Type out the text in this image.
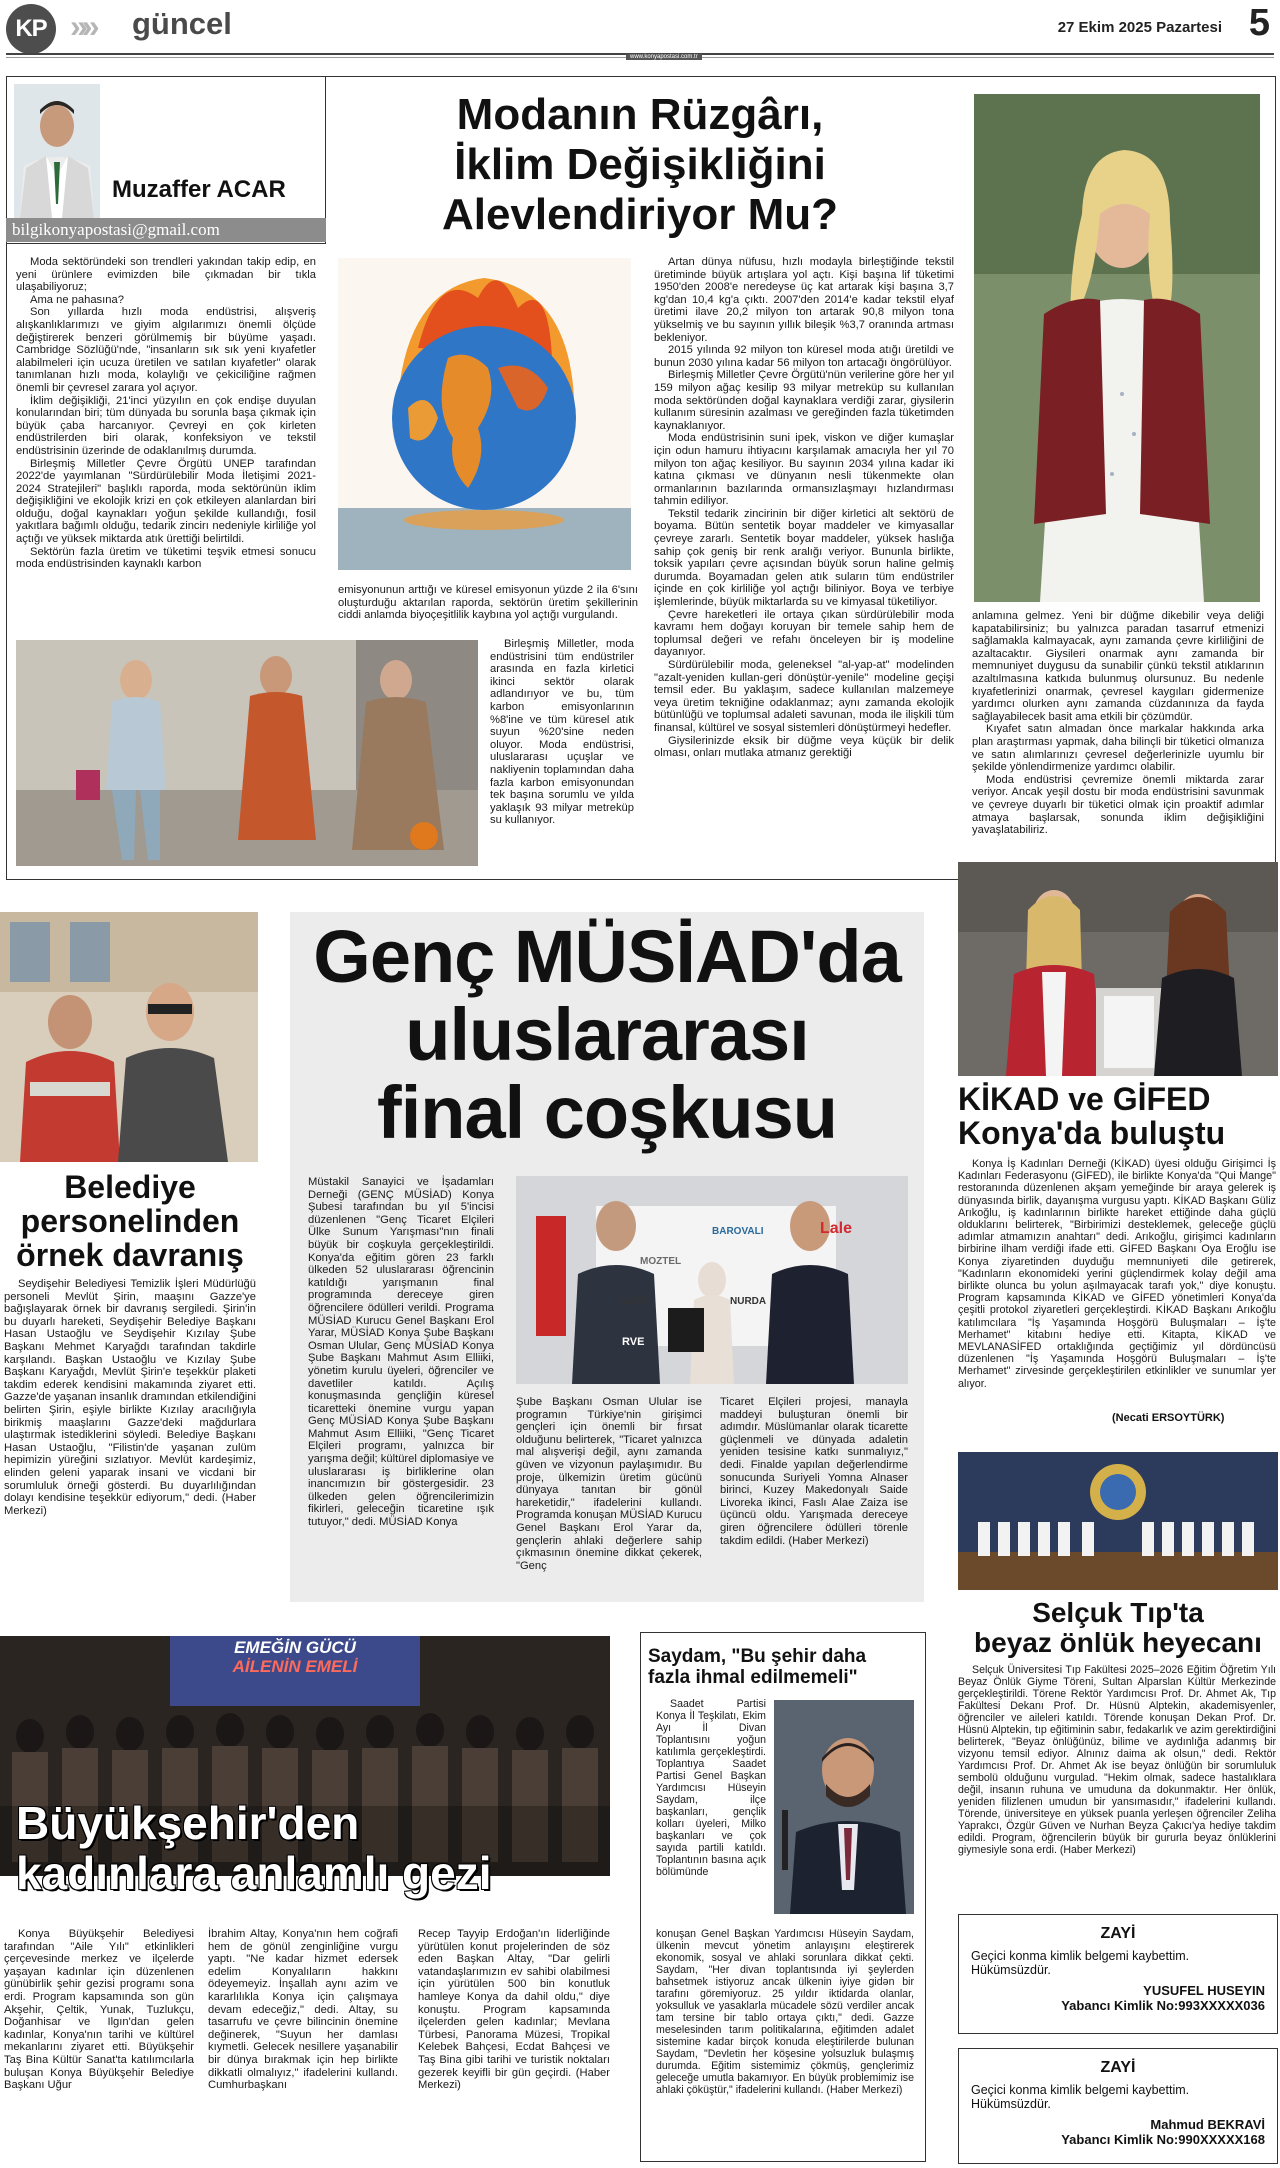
KP »» güncel	27 Ekim 2025 Pazartesi 5
www.konyapostasi.com.tr
Muzaffer ACAR
bilgikonyapostasi@gmail.com
Modanın Rüzgârı,
İklim Değişikliğini
Alevlendiriyor Mu?

Moda sektöründeki son trendleri yakından takip edip, en yeni ürünlere evimizden bile çıkmadan bir tıkla ulaşabiliyoruz;

Ama ne pahasına?

Son yıllarda hızlı moda endüstrisi, alışveriş alışkanlıklarımızı ve giyim algılarımızı önemli ölçüde değiştirerek benzeri görülmemiş bir büyüme yaşadı. Cambridge Sözlüğü'nde, "insanların sık sık yeni kıyafetler alabilmeleri için ucuza üretilen ve satılan kıyafetler" olarak tanımlanan hızlı moda, kolaylığı ve çekiciliğine rağmen önemli bir çevresel zarara yol açıyor.

İklim değişikliği, 21'inci yüzyılın en çok endişe duyulan konularından biri; tüm dünyada bu sorunla başa çıkmak için büyük çaba harcanıyor. Çevreyi en çok kirleten endüstrilerden biri olarak, konfeksiyon ve tekstil endüstrisinin üzerinde de odaklanılmış durumda.

Birleşmiş Milletler Çevre Örgütü UNEP tarafından 2022'de yayımlanan "Sürdürülebilir Moda İletişimi 2021-2024 Stratejileri" başlıklı raporda, moda sektörünün iklim değişikliğini ve ekolojik krizi en çok etkileyen alanlardan biri olduğu, doğal kaynakları yoğun şekilde kullandığı, fosil yakıtlara bağımlı olduğu, tedarik zincirı nedeniyle kirliliğe yol açtığı ve yüksek miktarda atık ürettiği belirtildi.

Sektörün fazla üretim ve tüketimi teşvik etmesi sonucu moda endüstrisinden kaynaklı karbon

emisyonunun arttığı ve küresel emisyonun yüzde 2 ila 6'sını oluşturduğu aktarılan raporda, sektörün üretim şekillerinin ciddi anlamda biyoçeşitlilik kaybına yol açtığı vurgulandı.

Birleşmiş Milletler, moda endüstrisini tüm endüstriler arasında en fazla kirletici ikinci sektör olarak adlandırıyor ve bu, tüm karbon emisyonlarının %8'ine ve tüm küresel atık suyun %20'sine neden oluyor. Moda endüstrisi, uluslararası uçuşlar ve nakliyenin toplamından daha fazla karbon emisyonundan tek başına sorumlu ve yılda yaklaşık 93 milyar metreküp su kullanıyor.

Artan dünya nüfusu, hızlı modayla birleştiğinde tekstil üretiminde büyük artışlara yol açtı. Kişi başına lif tüketimi 1950'den 2008'e neredeyse üç kat artarak kişi başına 3,7 kg'dan 10,4 kg'a çıktı. 2007'den 2014'e kadar tekstil elyaf üretimi ilave 20,2 milyon ton artarak 90,8 milyon tona yükselmiş ve bu sayının yıllık bileşik %3,7 oranında artması bekleniyor.

2015 yılında 92 milyon ton küresel moda atığı üretildi ve bunun 2030 yılına kadar 56 milyon ton artacağı öngörülüyor.

Birleşmiş Milletler Çevre Örgütü'nün verilerine göre her yıl 159 milyon ağaç kesilip 93 milyar metreküp su kullanılan moda sektöründen doğal kaynaklara verdiği zarar, giysilerin kullanım süresinin azalması ve gereğinden fazla tüketimden kaynaklanıyor.

Moda endüstrisinin suni ipek, viskon ve diğer kumaşlar için odun hamuru ihtiyacını karşılamak amacıyla her yıl 70 milyon ton ağaç kesiliyor. Bu sayının 2034 yılına kadar iki katına çıkması ve dünyanın nesli tükenmekte olan ormanlarının bazılarında ormansızlaşmayı hızlandırması tahmin ediliyor.

Tekstil tedarik zincirinin bir diğer kirletici alt sektörü de boyama. Bütün sentetik boyar maddeler ve kimyasallar çevreye zararlı. Sentetik boyar maddeler, yüksek haslığa sahip çok geniş bir renk aralığı veriyor. Bununla birlikte, toksik yapıları çevre açısından büyük sorun haline gelmiş durumda. Boyamadan gelen atık suların tüm endüstriler içinde en çok kirliliğe yol açtığı biliniyor. Boya ve terbiye işlemlerinde, büyük miktarlarda su ve kimyasal tüketiliyor.

Çevre hareketleri ile ortaya çıkan sürdürülebilir moda kavramı hem doğayı koruyan bir temele sahip hem de toplumsal değeri ve refahı önceleyen bir iş modeline dayanıyor.

Sürdürülebilir moda, geleneksel "al-yap-at" modelinden "azalt-yeniden kullan-geri dönüştür-yenile" modeline geçişi temsil eder. Bu yaklaşım, sadece kullanılan malzemeye veya üretim tekniğine odaklanmaz; aynı zamanda ekolojik bütünlüğü ve toplumsal adaleti savunan, moda ile ilişkili tüm finansal, kültürel ve sosyal sistemleri dönüştürmeyi hedefler.

Giysilerinizde eksik bir düğme veya küçük bir delik olması, onları mutlaka atmanız gerektiği

anlamına gelmez. Yeni bir düğme dikebilir veya deliği kapatabilirsiniz; bu yalnızca paradan tasarruf etmenizi sağlamakla kalmayacak, aynı zamanda çevre kirliliğini de azaltacaktır. Giysileri onarmak aynı zamanda bir memnuniyet duygusu da sunabilir çünkü tekstil atıklarının azaltılmasına katkıda bulunmuş olursunuz. Bu nedenle kıyafetlerinizi onarmak, çevresel kaygıları gidermenize yardımcı olurken aynı zamanda cüzdanınıza da fayda sağlayabilecek basit ama etkili bir çözümdür.

Kıyafet satın almadan önce markalar hakkında arka plan araştırması yapmak, daha bilinçli bir tüketici olmanıza ve satın alımlarınızı çevresel değerlerinizle uyumlu bir şekilde yönlendirmenize yardımcı olabilir.

Moda endüstrisi çevremize önemli miktarda zarar veriyor. Ancak yeşil dostu bir moda endüstrisini savunmak ve çevreye duyarlı bir tüketici olmak için proaktif adımlar atmaya başlarsak, sonunda iklim değişikliğini yavaşlatabiliriz.

Belediye
personelinden
örnek davranış

Seydişehir Belediyesi Temizlik İşleri Müdürlüğü personeli Mevlüt Şirin, maaşını Gazze'ye bağışlayarak örnek bir davranış sergiledi. Şirin'in bu duyarlı hareketi, Seydişehir Belediye Başkanı Hasan Ustaoğlu ve Seydişehir Kızılay Şube Başkanı Mehmet Karyağdı tarafından takdirle karşılandı. Başkan Ustaoğlu ve Kızılay Şube Başkanı Karyağdı, Mevlüt Şirin'e teşekkür plaketi takdim ederek kendisini makamında ziyaret etti. Gazze'de yaşanan insanlık dramından etkilendiğini belirten Şirin, eşiyle birlikte Kızılay aracılığıyla birikmiş maaşlarını Gazze'deki mağdurlara ulaştırmak istediklerini söyledi. Belediye Başkanı Hasan Ustaoğlu, "Filistin'de yaşanan zulüm hepimizin yüreğini sızlatıyor. Mevlüt kardeşimiz, elinden geleni yaparak insani ve vicdani bir sorumluluk örneği gösterdi. Bu duyarlılığından dolayı kendisine teşekkür ediyorum," dedi. (Haber Merkezi)

Genç MÜSİAD'da
uluslararası
final coşkusu

Müstakil Sanayici ve İşadamları Derneği (GENÇ MÜSİAD) Konya Şubesi tarafından bu yıl 5'incisi düzenlenen "Genç Ticaret Elçileri Ülke Sunum Yarışması"nın finali büyük bir coşkuyla gerçekleştirildi. Konya'da eğitim gören 23 farklı ülkeden 52 uluslararası öğrencinin katıldığı yarışmanın final programında dereceye giren öğrencilere ödülleri verildi. Programa MÜSİAD Kurucu Genel Başkanı Erol Yarar, MÜSİAD Konya Şube Başkanı Osman Ulular, Genç MÜSİAD Konya Şube Başkanı Mahmut Asım Elliiki, yönetim kurulu üyeleri, öğrenciler ve davetliler katıldı. Açılış konuşmasında gençliğin küresel ticaretteki önemine vurgu yapan Genç MÜSİAD Konya Şube Başkanı Mahmut Asım Elliiki, "Genç Ticaret Elçileri programı, yalnızca bir yarışma değil; kültürel diplomasiye ve uluslararası iş birliklerine olan inancımızın bir göstergesidir. 23 ülkeden gelen öğrencilerimizin fikirleri, geleceğin ticaretine ışık tutuyor," dedi. MÜSİAD Konya

Lale
MOZTEL
BAROVALI
NURDA
NARK
RVE

Şube Başkanı Osman Ulular ise programın Türkiye'nin girişimci gençleri için önemli bir fırsat olduğunu belirterek, "Ticaret yalnızca mal alışverişi değil, aynı zamanda güven ve vizyonun paylaşımıdır. Bu proje, ülkemizin üretim gücünü dünyaya tanıtan bir gönül hareketidir," ifadelerini kullandı. Programda konuşan MÜSİAD Kurucu Genel Başkanı Erol Yarar da, gençlerin ahlaki değerlere sahip çıkmasının önemine dikkat çekerek, "Genç

Ticaret Elçileri projesi, manayla maddeyi buluşturan önemli bir adımdır. Müslümanlar olarak ticarette güçlenmeli ve dünyada adaletin yeniden tesisine katkı sunmalıyız," dedi. Finalde yapılan değerlendirme sonucunda Suriyeli Yomna Alnaser birinci, Kuzey Makedonyalı Saide Livoreka ikinci, Faslı Alae Zaiza ise üçüncü oldu. Yarışmada dereceye giren öğrencilere ödülleri törenle takdim edildi. (Haber Merkezi)

KİKAD ve GİFED
Konya'da buluştu

Konya İş Kadınları Derneği (KİKAD) üyesi olduğu Girişimci İş Kadınları Federasyonu (GİFED), ile birlikte Konya'da "Qui Mange" restoranında düzenlenen akşam yemeğinde bir araya gelerek iş dünyasında birlik, dayanışma vurgusu yaptı. KİKAD Başkanı Güliz Arıkoğlu, iş kadınlarının birlikte hareket ettiğinde daha güçlü olduklarını belirterek, "Birbirimizi desteklemek, geleceğe güçlü adımlar atmamızın anahtarı" dedi. Arıkoğlu, girişimci kadınların birbirine ilham verdiği ifade etti. GİFED Başkanı Oya Eroğlu ise Konya ziyaretinden duyduğu memnuniyeti dile getirerek, "Kadınların ekonomideki yerini güçlendirmek kolay değil ama birlikte olunca bu yolun aşılmayacak tarafı yok," diye konuştu. Program kapsamında KİKAD ve GİFED yönetimleri Konya'da çeşitli protokol ziyaretleri gerçekleştirdi. KİKAD Başkanı Arıkoğlu katılımcılara "İş Yaşamında Hoşgörü Buluşmaları – İş'te Merhamet" kitabını hediye etti. Kitapta, KİKAD ve MEVLANASİFED ortaklığında geçtiğimiz yıl dördüncüsü düzenlenen "İş Yaşamında Hoşgörü Buluşmaları – İş'te Merhamet" zirvesinde gerçekleştirilen etkinlikler ve sunumlar yer alıyor.

(Necati ERSOYTÜRK)
Selçuk Tıp'ta
beyaz önlük heyecanı

Selçuk Üniversitesi Tıp Fakültesi 2025–2026 Eğitim Öğretim Yılı Beyaz Önlük Giyme Töreni, Sultan Alparslan Kültür Merkezinde gerçekleştirildi. Törene Rektör Yardımcısı Prof. Dr. Ahmet Ak, Tıp Fakültesi Dekanı Prof. Dr. Hüsnü Alptekin, akademisyenler, öğrenciler ve aileleri katıldı. Törende konuşan Dekan Prof. Dr. Hüsnü Alptekin, tıp eğitiminin sabır, fedakarlık ve azim gerektirdiğini belirterek, "Beyaz önlüğünüz, bilime ve aydınlığa adanmış bir vizyonu temsil ediyor. Alnınız daima ak olsun," dedi. Rektör Yardımcısı Prof. Dr. Ahmet Ak ise beyaz önlüğün bir sorumluluk sembolü olduğunu vurgulad. "Hekim olmak, sadece hastalıklara değil, insanın ruhuna ve umuduna da dokunmaktır. Her önlük, yeniden filizlenen umudun bir yansımasıdır," ifadelerini kullandı. Törende, üniversiteye en yüksek puanla yerleşen öğrenciler Zeliha Yaprakcı, Özgür Güven ve Nurhan Beyza Çakıcı'ya hediye takdim edildi. Program, öğrencilerin büyük bir gururla beyaz önlüklerini giymesiyle sona erdi. (Haber Merkezi)

EMEĞİN GÜCÜ
AİLENİN EMELİ
Büyükşehir'den
kadınlara anlamlı gezi

Konya Büyükşehir Belediyesi tarafından "Aile Yılı" etkinlikleri çerçevesinde merkez ve ilçelerde yaşayan kadınlar için düzenlenen günübirlik şehir gezisi programı sona erdi. Program kapsamında son gün Akşehir, Çeltik, Yunak, Tuzlukçu, Doğanhisar ve Ilgın'dan gelen kadınlar, Konya'nın tarihi ve kültürel mekanlarını ziyaret etti. Büyükşehir Taş Bina Kültür Sanat'ta katılımcılarla buluşan Konya Büyükşehir Belediye Başkanı Uğur

İbrahim Altay, Konya'nın hem coğrafi hem de gönül zenginliğine vurgu yaptı. "Ne kadar hizmet edersek edelim Konyalıların hakkını ödeyemeyiz. İnşallah aynı azim ve kararlılıkla Konya için çalışmaya devam edeceğiz," dedi. Altay, su tasarrufu ve çevre bilincinin önemine değinerek, "Suyun her damlası kıymetli. Gelecek nesillere yaşanabilir bir dünya bırakmak için hep birlikte dikkatli olmalıyız," ifadelerini kullandı. Cumhurbaşkanı

Recep Tayyip Erdoğan'ın liderliğinde yürütülen konut projelerinden de söz eden Başkan Altay, "Dar gelirli vatandaşlarımızın ev sahibi olabilmesi için yürütülen 500 bin konutluk hamleye Konya da dahil oldu," diye konuştu. Program kapsamında ilçelerden gelen kadınlar; Mevlana Türbesi, Panorama Müzesi, Tropikal Kelebek Bahçesi, Ecdat Bahçesi ve Taş Bina gibi tarihi ve turistik noktaları gezerek keyifli bir gün geçirdi. (Haber Merkezi)

Saydam, "Bu şehir daha
fazla ihmal edilmemeli"

Saadet Partisi Konya İl Teşkilatı, Ekim Ayı İl Divan Toplantısını yoğun katılımla gerçekleştirdi. Toplantıya Saadet Partisi Genel Başkan Yardımcısı Hüseyin Saydam, ilçe başkanları, gençlik kolları üyeleri, Milko başkanları ve çok sayıda partili katıldı. Toplantının basına açık bölümünde

konuşan Genel Başkan Yardımcısı Hüseyin Saydam, ülkenin mevcut yönetim anlayışını eleştirerek ekonomik, sosyal ve ahlaki sorunlara dikkat çekti. Saydam, "Her divan toplantısında iyi şeylerden bahsetmek istiyoruz ancak ülkenin iyiye gidən bir tarafını göremiyoruz. 25 yıldır iktidarda olanlar, yoksulluk ve yasaklarla mücadele sözü verdiler ancak tam tersine bir tablo ortaya çıktı," dedi. Gazze meselesinden tarım politikalarına, eğitimden adalet sistemine kadar birçok konuda eleştirilerde bulunan Saydam, "Devletin her köşesine yolsuzluk bulaşmış durumda. Eğitim sistemimiz çökmüş, gençlerimiz geleceğe umutla bakamıyor. En büyük problemimiz ise ahlaki çöküştür," ifadelerini kullandı. (Haber Merkezi)

ZAYİ
Geçici konma kimlik belgemi kaybettim. Hükümsüzdür.
YUSUFEL HUSEYIN
Yabancı Kimlik No:993XXXXX036
ZAYİ
Geçici konma kimlik belgemi kaybettim. Hükümsüzdür.
Mahmud BEKRAVİ
Yabancı Kimlik No:990XXXXX168
